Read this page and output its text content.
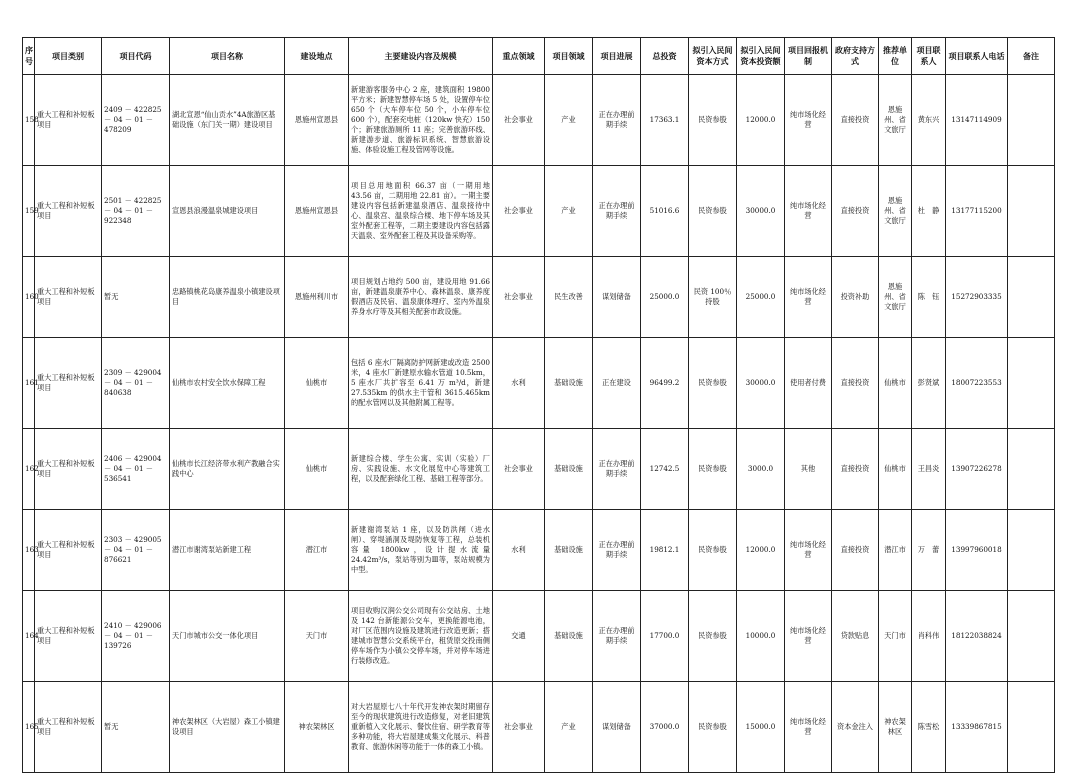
序号	项目类别	项目代码	项目名称	建设地点	主要建设内容及规模	重点领域	项目领域	项目进展	总投资	拟引入民间资本方式	拟引入民间资本投资额	项目回报机制	政府支持方式	推荐单位	项目联系人	项目联系人电话	备注
158	重大工程和补短板项目	2409 － 422825 － 04 － 01 － 478209	湖北宣恩“仙山贡水”4A旅游区基础设施（东门关一期）建设项目	恩施州宣恩县	新建游客服务中心 2 座，建筑面积 19800 平方米；新建智慧停车场 5 处，设置停车位 650 个（大车停车位 50 个，小车停车位 600 个），配套充电桩（120kw 快充）150 个；新建旅游厕所 11 座；完善旅游环线、新建游步道、旅游标识系统、智慧旅游设施、体验设施工程及管网等设施。	社会事业	产业	正在办理前期手续	17363.1	民资参股	12000.0	纯市场化经营	直接投资	恩施州、省文旅厅	黄东兴	13147114909	
159	重大工程和补短板项目	2501 － 422825 － 04 － 01 － 922348	宣恩县浪漫温泉城建设项目	恩施州宣恩县	项目总用地面积 66.37 亩（一期用地 43.56 亩，二期用地 22.81 亩）。一期主要建设内容包括新建温泉酒店、温泉接待中心、温泉宫、温泉综合楼、地下停车场及其室外配套工程等，二期主要建设内容包括露天温泉、室外配套工程及其设备采购等。	社会事业	产业	正在办理前期手续	51016.6	民资参股	30000.0	纯市场化经营	直接投资	恩施州、省文旅厅	杜　静	13177115200	
160	重大工程和补短板项目	暂无	忠路镇桃花岛康养温泉小镇建设项目	恩施州利川市	项目规划占地约 500 亩，建设用地 91.66 亩，新建温泉康养中心、森林温泉、康养度假酒店及民宿、温泉康体理疗、室内外温泉养身水疗等及其相关配套市政设施。	社会事业	民生改善	谋划储备	25000.0	民资 100％持股	25000.0	纯市场化经营	投资补助	恩施州、省文旅厅	陈　钰	15272903335	
161	重大工程和补短板项目	2309 － 429004 － 04 － 01 － 840638	仙桃市农村安全饮水保障工程	仙桃市	包括 6 座水厂隔离防护网新建或改造 2500 米，4 座水厂新建原水输水管道 10.5km，5 座水厂共扩容至 6.41 万 m³/d，新建 27.535km 的供水主干管和 3615.465km 的配水管网以及其他附属工程等。	水利	基础设施	正在建设	96499.2	民资参股	30000.0	使用者付费	直接投资	仙桃市	彭贤斌	18007223553	
162	重大工程和补短板项目	2406 － 429004 － 04 － 01 － 536541	仙桃市长江经济带水利产教融合实践中心	仙桃市	新建综合楼、学生公寓、实训（实验）厂房、实践设施、水文化展览中心等建筑工程，以及配套绿化工程、基础工程等部分。	社会事业	基础设施	正在办理前期手续	12742.5	民资参股	3000.0	其他	直接投资	仙桃市	王昌炎	13907226278	
163	重大工程和补短板项目	2303 － 429005 － 04 － 01 － 876621	潜江市谢湾泵站新建工程	潜江市	新建谢湾泵站 1 座，以及防洪闸（进水闸）、穿堤涵洞及堤防恢复等工程，总装机容量 1800kw，设计提水流量 24.42m³/s，泵站等别为Ⅲ等，泵站规模为中型。	水利	基础设施	正在办理前期手续	19812.1	民资参股	12000.0	纯市场化经营	直接投资	潜江市	万　蕾	13997960018	
164	重大工程和补短板项目	2410 － 429006 － 04 － 01 － 139726	天门市城市公交一体化项目	天门市	项目收购汉润公交公司现有公交站房、土地及 142 台新能源公交车，更换能源电池，对厂区范围内设施及建筑进行改造更新；搭建城市智慧公交系统平台，租赁原交投南侧停车场作为小镇公交停车场，并对停车场进行装修改造。	交通	基础设施	正在办理前期手续	17700.0	民资参股	10000.0	纯市场化经营	贷款贴息	天门市	肖科伟	18122038824	
165	重大工程和补短板项目	暂无	神农架林区（大岩屋）森工小镇建设项目	神农架林区	对大岩屋原七八十年代开发神农架时期留存至今的现状建筑进行改造修复，对老旧建筑重新植入文化展示、餐饮住宿、研学教育等多种功能，将大岩屋建成集文化展示、科普教育、旅游休闲等功能于一体的森工小镇。	社会事业	产业	谋划储备	37000.0	民资参股	15000.0	纯市场化经营	资本金注入	神农架林区	陈雪松	13339867815	
